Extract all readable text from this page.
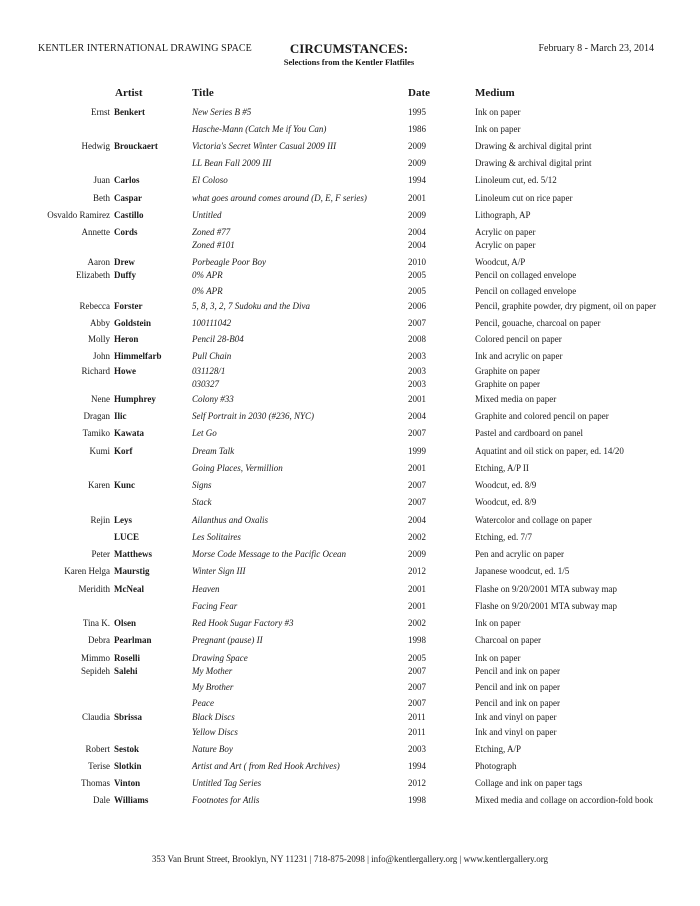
KENTLER INTERNATIONAL DRAWING SPACE	CIRCUMSTANCES:
Selections from the Kentler Flatfiles
February 8 - March 23, 2014
Artist	Title	Date	Medium
Ernst Benkert	New Series B #5	1995	Ink on paper
Hasche-Mann (Catch Me if You Can)	1986	Ink on paper
Hedwig Brouckaert	Victoria's Secret Winter Casual 2009 III	2009	Drawing & archival digital print
LL Bean Fall 2009 III	2009	Drawing & archival digital print
Juan Carlos	El Coloso	1994	Linoleum cut, ed. 5/12
Beth Caspar	what goes around comes around (D, E, F series)	2001	Linoleum cut on rice paper
Osvaldo Ramirez Castillo	Untitled	2009	Lithograph, AP
Annette Cords	Zoned #77	2004	Acrylic on paper
Zoned #101	2004	Acrylic on paper
Aaron Drew	Porbeagle Poor Boy	2010	Woodcut, A/P
Elizabeth Duffy	0% APR	2005	Pencil on collaged envelope
0% APR	2005	Pencil on collaged envelope
Rebecca Forster	5, 8, 3, 2, 7 Sudoku and the Diva	2006	Pencil, graphite powder, dry pigment, oil on paper
Abby Goldstein	100111042	2007	Pencil, gouache, charcoal on paper
Molly Heron	Pencil 28-B04	2008	Colored pencil on paper
John Himmelfarb	Pull Chain	2003	Ink and acrylic on paper
Richard Howe	031128/1	2003	Graphite on paper
030327	2003	Graphite on paper
Nene Humphrey	Colony #33	2001	Mixed media on paper
Dragan Ilic	Self Portrait in 2030 (#236, NYC)	2004	Graphite and colored pencil on paper
Tamiko Kawata	Let Go	2007	Pastel and cardboard on panel
Kumi Korf	Dream Talk	1999	Aquatint and oil stick on paper, ed. 14/20
Going Places, Vermillion	2001	Etching, A/P II
Karen Kunc	Signs	2007	Woodcut, ed. 8/9
Stack	2007	Woodcut, ed. 8/9
Rejin Leys	Ailanthus and Oxalis	2004	Watercolor and collage on paper
LUCE	Les Solitaires	2002	Etching, ed. 7/7
Peter Matthews	Morse Code Message to the Pacific Ocean	2009	Pen and acrylic on paper
Karen Helga Maurstig	Winter Sign III	2012	Japanese woodcut, ed. 1/5
Meridith McNeal	Heaven	2001	Flashe on 9/20/2001 MTA subway map
Facing Fear	2001	Flashe on 9/20/2001 MTA subway map
Tina K. Olsen	Red Hook Sugar Factory #3	2002	Ink on paper
Debra Pearlman	Pregnant (pause) II	1998	Charcoal on paper
Mimmo Roselli	Drawing Space	2005	Ink on paper
Sepideh Salehi	My Mother	2007	Pencil and ink on paper
My Brother	2007	Pencil and ink on paper
Peace	2007	Pencil and ink on paper
Claudia Sbrissa	Black Discs	2011	Ink and vinyl on paper
Yellow Discs	2011	Ink and vinyl on paper
Robert Sestok	Nature Boy	2003	Etching, A/P
Terise Slotkin	Artist and Art ( from Red Hook Archives)	1994	Photograph
Thomas Vinton	Untitled Tag Series	2012	Collage and ink on paper tags
Dale Williams	Footnotes for Atlis	1998	Mixed media and collage on accordion-fold book
353 Van Brunt Street, Brooklyn, NY 11231 | 718-875-2098 | info@kentlergallery.org | www.kentlergallery.org
